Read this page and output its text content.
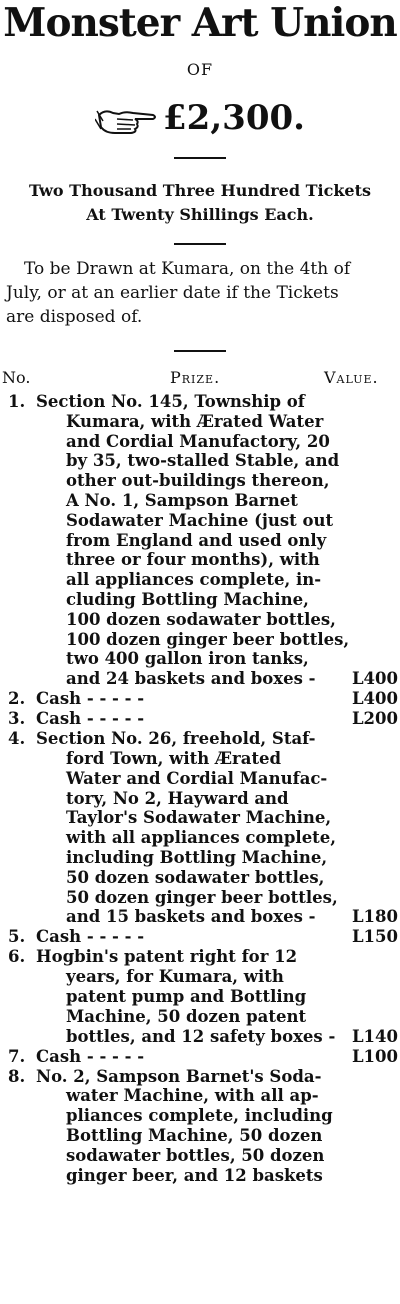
Monster Art Union
OF
£2,300.
Two Thousand Three Hundred Tickets
At Twenty Shillings Each.
To be Drawn at Kumara, on the 4th of
July, or at an earlier date if the Tickets
are disposed of.
No.	Prize.	Value.
1. Section No. 145, Township of
Kumara, with Ærated Water
and Cordial Manufactory, 20
by 35, two-stalled Stable, and
other out-buildings thereon,
A No. 1, Sampson Barnet
Sodawater Machine (just out
from England and used only
three or four months), with
all appliances complete, in-
cluding Bottling Machine,
100 dozen sodawater bottles,
100 dozen ginger beer bottles,
two 400 gallon iron tanks,
and 24 baskets and boxes -	L400
2. Cash - - - - -	L400
3. Cash - - - - -	L200
4. Section No. 26, freehold, Staf-
ford Town, with Ærated
Water and Cordial Manufac-
tory, No 2, Hayward and
Taylor's Sodawater Machine,
with all appliances complete,
including Bottling Machine,
50 dozen sodawater bottles,
50 dozen ginger beer bottles,
and 15 baskets and boxes -	L180
5. Cash - - - - -	L150
6. Hogbin's patent right for 12
years, for Kumara, with
patent pump and Bottling
Machine, 50 dozen patent
bottles, and 12 safety boxes -	L140
7. Cash - - - - -	L100
8. No. 2, Sampson Barnet's Soda-
water Machine, with all ap-
pliances complete, including
Bottling Machine, 50 dozen
sodawater bottles, 50 dozen
ginger beer, and 12 baskets
